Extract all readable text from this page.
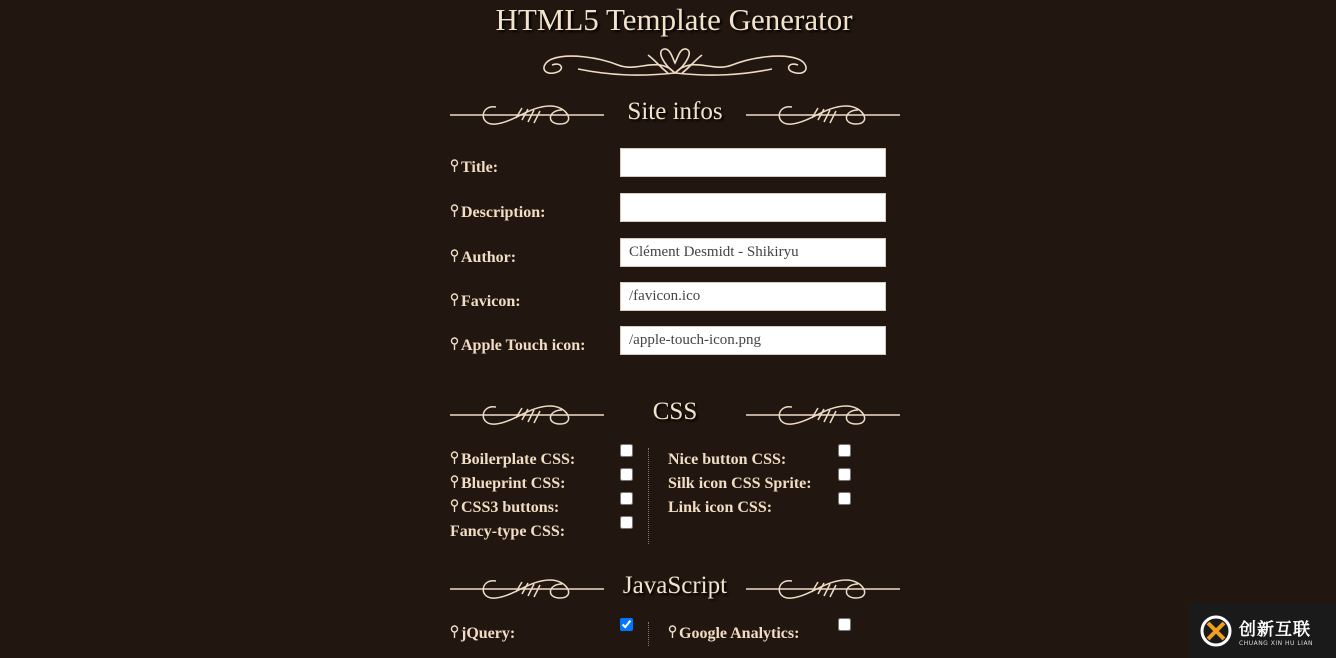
HTML5 Template Generator
Site infos
Title:
Description:
Author:
Clément Desmidt - Shikiryu
Favicon:
/favicon.ico
Apple Touch icon:
/apple-touch-icon.png
CSS
Boilerplate CSS:
Blueprint CSS:
CSS3 buttons:
Fancy-type CSS:
Nice button CSS:
Silk icon CSS Sprite:
Link icon CSS:
JavaScript
jQuery:	Google Analytics:	创新互联
CHUANG XIN HU LIAN
